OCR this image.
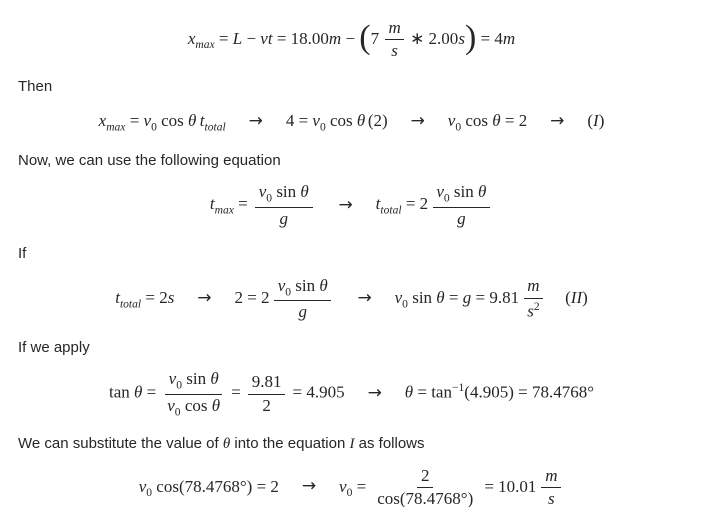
$x_{max} = L$ − vt = $18.00m - (7 \frac{m}{s}$ ∗ 2.00s) = 4m
Then
$x_{max} = v_0$ cos θ $t_{total} \to 4 = v_0$ cos θ $(2) \to v_0$ cos θ = 2 → (I)
Now, we can use the following equation
$t_{max} = \frac{v_0 \sin \theta}{g} \to t_{total} = 2 \frac{v_0 \sin \theta}{g}$
If
$t_{total} = 2s \to 2 = 2 \frac{v_0 \sin \theta}{g} \to v_0$ $\sin \theta = g = 9.81 \frac{m}{s^2} (II)$
If we apply
$\tan \theta = \frac{v_0 \sin \theta}{v_0 \cos \theta} = \frac{9.81}{2} = 4.905 \to \theta = \tan^{-1}(4.905) = 78.4768^\circ$
We can substitute the value of θ into the equation I as follows
$v_0$ $\cos(78.4768^\circ) = 2 \to v_0 = \frac{2}{\cos(78.4768^\circ)} = 10.01 \frac{m}{s}$
